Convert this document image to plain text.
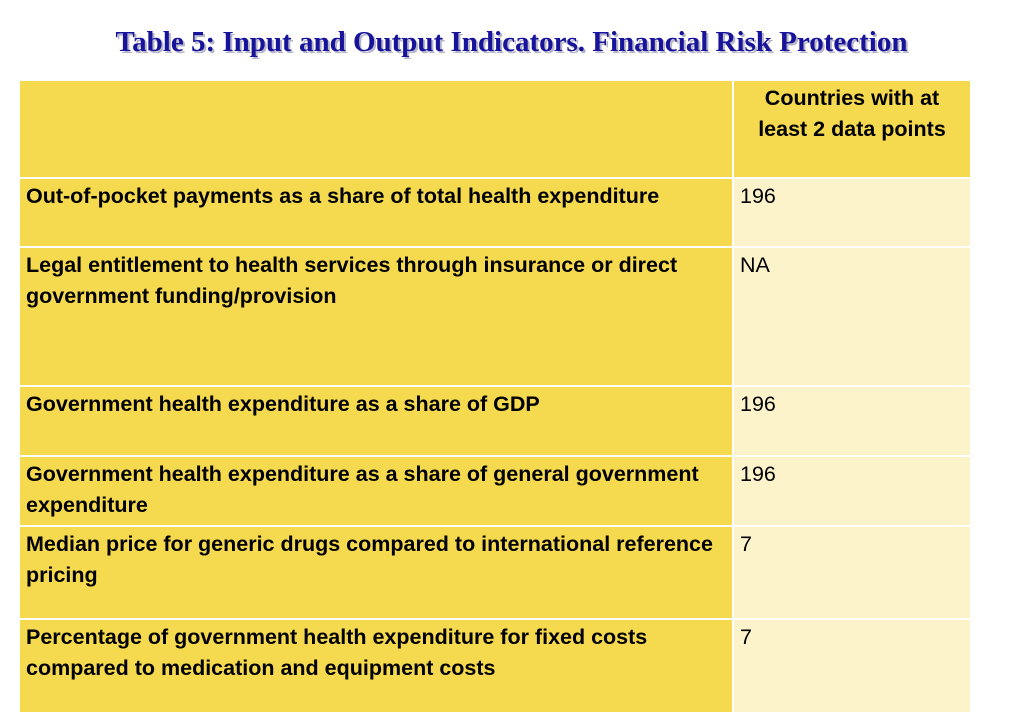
Table 5: Input and Output Indicators. Financial Risk Protection
	Countries with at least 2 data points
Out-of-pocket payments as a share of total health expenditure	196
Legal entitlement to health services through insurance or direct government funding/provision	NA
Government health expenditure as a share of GDP	196
Government health expenditure as a share of general government expenditure	196
Median price for generic drugs compared to international reference pricing	7
Percentage of government health expenditure for fixed costs compared to medication and equipment costs	7
